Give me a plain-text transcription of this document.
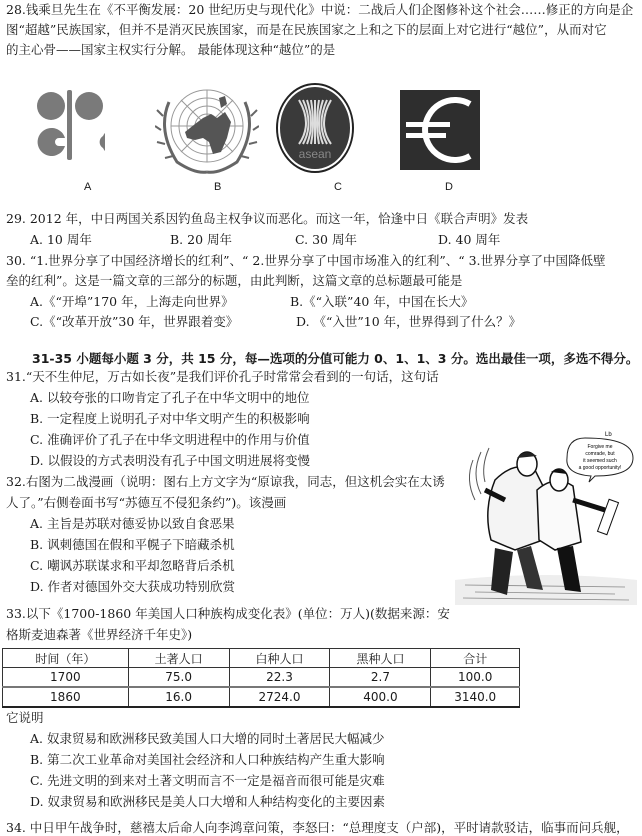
28.钱乘旦先生在《不平衡发展：20 世纪历史与现代化》中说：二战后人们企图修补这个社会……修正的方向是企
图“超越”民族国家，但并不是消灭民族国家，而是在民族国家之上和之下的层面上对它进行“越位”，从而对它
的主心骨——国家主权实行分解。 最能体现这种“越位”的是
A	B
asean
C	D
29. 2012 年，中日两国关系因钓鱼岛主权争议而恶化。而这一年，恰逢中日《联合声明》发表
A. 10 周年	B. 20 周年	C. 30 周年	D. 40 周年
30. “1.世界分享了中国经济增长的红利”、“ 2.世界分享了中国市场准入的红利”、“ 3.世界分享了中国降低壁
垒的红利”。这是一篇文章的三部分的标题，由此判断，这篇文章的总标题最可能是
A.《“开埠”170 年，上海走向世界》	B.《“入联”40 年，中国在长大》
C.《“改革开放”30 年，世界跟着变》	D. 《“入世”10 年，世界得到了什么？》
31-35 小题每小题 3 分，共 15 分，每—选项的分值可能力 0、1、1、3 分。选出最佳一项，多选不得分。
31.“天不生仲尼，万古如长夜”是我们评价孔子时常常会看到的一句话，这句话
A. 以较夸张的口吻肯定了孔子在中华文明中的地位
B. 一定程度上说明孔子对中华文明产生的积极影响
C. 准确评价了孔子在中华文明进程中的作用与价值
D. 以假设的方式表明没有孔子中国文明进展将变慢
32.右图为二战漫画（说明：图右上方文字为“原谅我，同志，但这机会实在太诱
人了。”右侧卷面书写“苏德互不侵犯条约”)。该漫画
A. 主旨是苏联对德妥协以致自食恶果
B. 讽刺德国在假和平幌子下暗藏杀机
C. 嘲讽苏联谋求和平却忽略背后杀机
D. 作者对德国外交大获成功特别欣赏
Forgive me
comrade, but
it seemed such
a good opportunity!
Lb
33.以下《1700-1860 年美国人口种族构成变化表》(单位：万人)(数据来源：安
格斯麦迪森著《世界经济千年史》)
时间（年）	土著人口	白种人口	黑种人口	合计
1700	75.0	22.3	2.7	100.0
1860	16.0	2724.0	400.0	3140.0
它说明
A. 奴隶贸易和欧洲移民致美国人口大增的同时土著居民大幅减少
B. 第二次工业革命对美国社会经济和人口种族结构产生重大影响
C. 先进文明的到来对土著文明而言不一定是福音而很可能是灾难
D. 奴隶贸易和欧洲移民是美人口大增和人种结构变化的主要因素
34. 中日甲午战争时，慈禧太后命人向李鸿章问策，李怒曰：“总理度支（户部)，平时请款驳诘，临事而问兵舰，
